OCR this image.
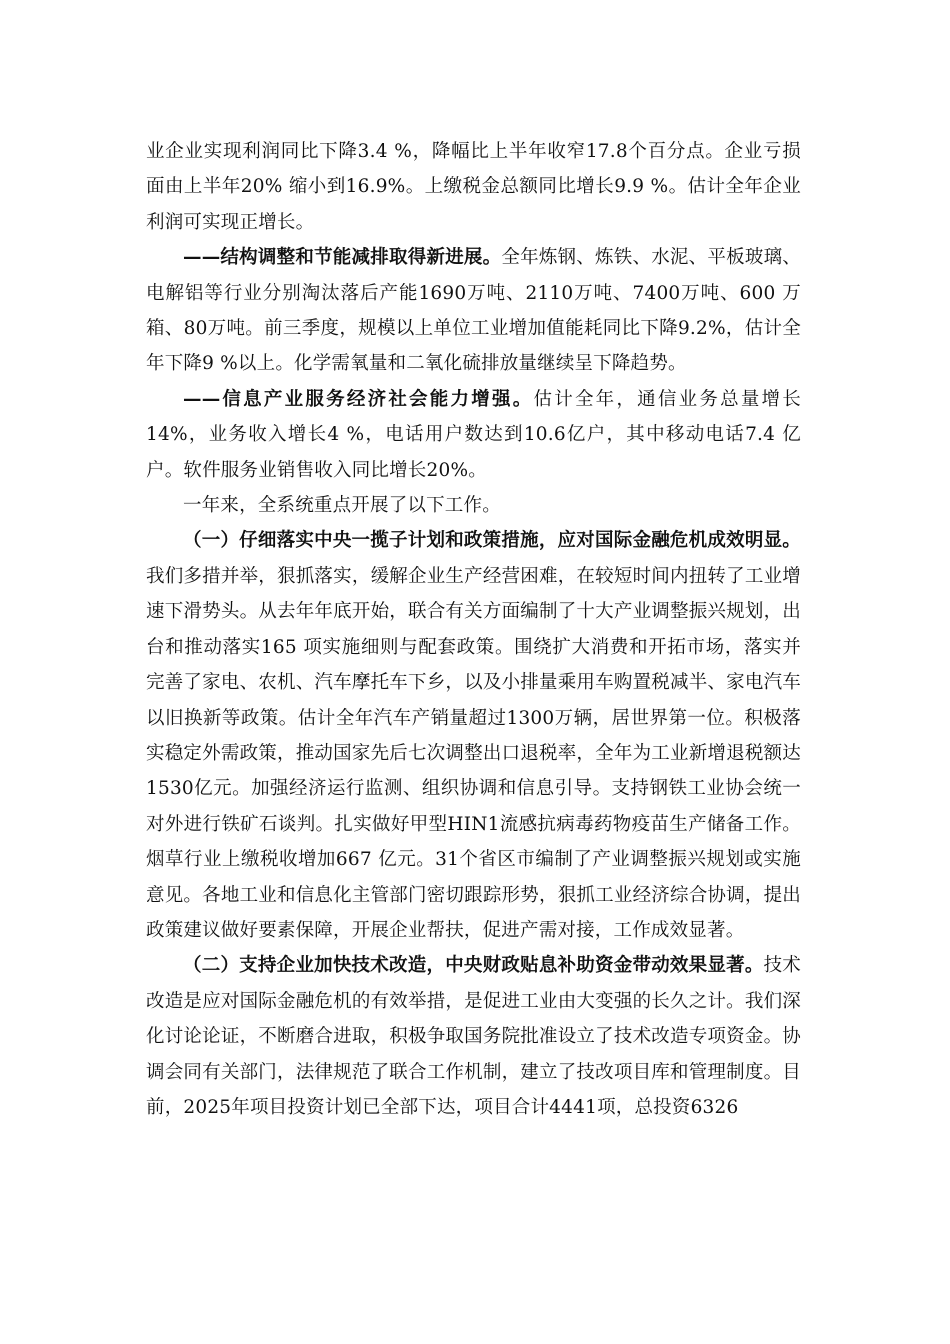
业企业实现利润同比下降3.4 %，降幅比上半年收窄17.8个百分点。企业亏损面由上半年20% 缩小到16.9%。上缴税金总额同比增长9.9 %。估计全年企业利润可实现正增长。

——结构调整和节能减排取得新进展。全年炼钢、炼铁、水泥、平板玻璃、电解铝等行业分别淘汰落后产能1690万吨、2110万吨、7400万吨、600 万箱、80万吨。前三季度，规模以上单位工业增加值能耗同比下降9.2%，估计全年下降9 %以上。化学需氧量和二氧化硫排放量继续呈下降趋势。

——信息产业服务经济社会能力增强。估计全年，通信业务总量增长14%，业务收入增长4 %，电话用户数达到10.6亿户，其中移动电话7.4 亿户。软件服务业销售收入同比增长20%。

一年来，全系统重点开展了以下工作。

（一）仔细落实中央一揽子计划和政策措施，应对国际金融危机成效明显。我们多措并举，狠抓落实，缓解企业生产经营困难，在较短时间内扭转了工业增速下滑势头。从去年年底开始，联合有关方面编制了十大产业调整振兴规划，出台和推动落实165 项实施细则与配套政策。围绕扩大消费和开拓市场，落实并完善了家电、农机、汽车摩托车下乡，以及小排量乘用车购置税减半、家电汽车以旧换新等政策。估计全年汽车产销量超过1300万辆，居世界第一位。积极落实稳定外需政策，推动国家先后七次调整出口退税率，全年为工业新增退税额达1530亿元。加强经济运行监测、组织协调和信息引导。支持钢铁工业协会统一对外进行铁矿石谈判。扎实做好甲型HIN1流感抗病毒药物疫苗生产储备工作。烟草行业上缴税收增加667 亿元。31个省区市编制了产业调整振兴规划或实施意见。各地工业和信息化主管部门密切跟踪形势，狠抓工业经济综合协调，提出政策建议做好要素保障，开展企业帮扶，促进产需对接，工作成效显著。

（二）支持企业加快技术改造，中央财政贴息补助资金带动效果显著。技术改造是应对国际金融危机的有效举措，是促进工业由大变强的长久之计。我们深化讨论论证，不断磨合进取，积极争取国务院批准设立了技术改造专项资金。协调会同有关部门，法律规范了联合工作机制，建立了技改项目库和管理制度。目前，2025年项目投资计划已全部下达，项目合计4441项，总投资6326
